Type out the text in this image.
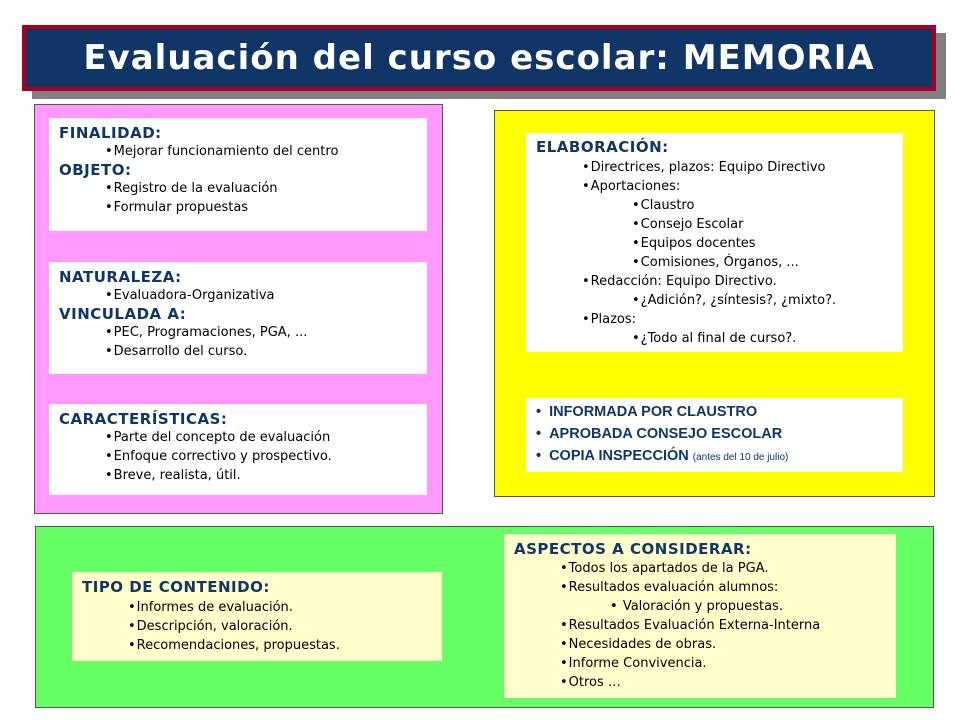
Evaluación del curso escolar: MEMORIA
FINALIDAD:
•Mejorar funcionamiento del centro
OBJETO:
•Registro de la evaluación
•Formular propuestas
NATURALEZA:
•Evaluadora-Organizativa
VINCULADA A:
•PEC, Programaciones, PGA, ...
•Desarrollo del curso.
CARACTERÍSTICAS:
•Parte del concepto de evaluación
•Enfoque correctivo y prospectivo.
•Breve, realista, útil.
ELABORACIÓN:
•Directrices, plazos: Equipo Directivo
•Aportaciones:
•Claustro
•Consejo Escolar
•Equipos docentes
•Comisiones, Órganos, ...
•Redacción: Equipo Directivo.
•¿Adición?, ¿síntesis?, ¿mixto?.
•Plazos:
•¿Todo al final de curso?.
• INFORMADA POR CLAUSTRO
• APROBADA CONSEJO ESCOLAR
• COPIA INSPECCIÓN (antes del 10 de julio)
TIPO DE CONTENIDO:
•Informes de evaluación.
•Descripción, valoración.
•Recomendaciones, propuestas.
ASPECTOS A CONSIDERAR:
•Todos los apartados de la PGA.
•Resultados evaluación alumnos:
• Valoración y propuestas.
•Resultados Evaluación Externa-Interna
•Necesidades de obras.
•Informe Convivencia.
•Otros …
